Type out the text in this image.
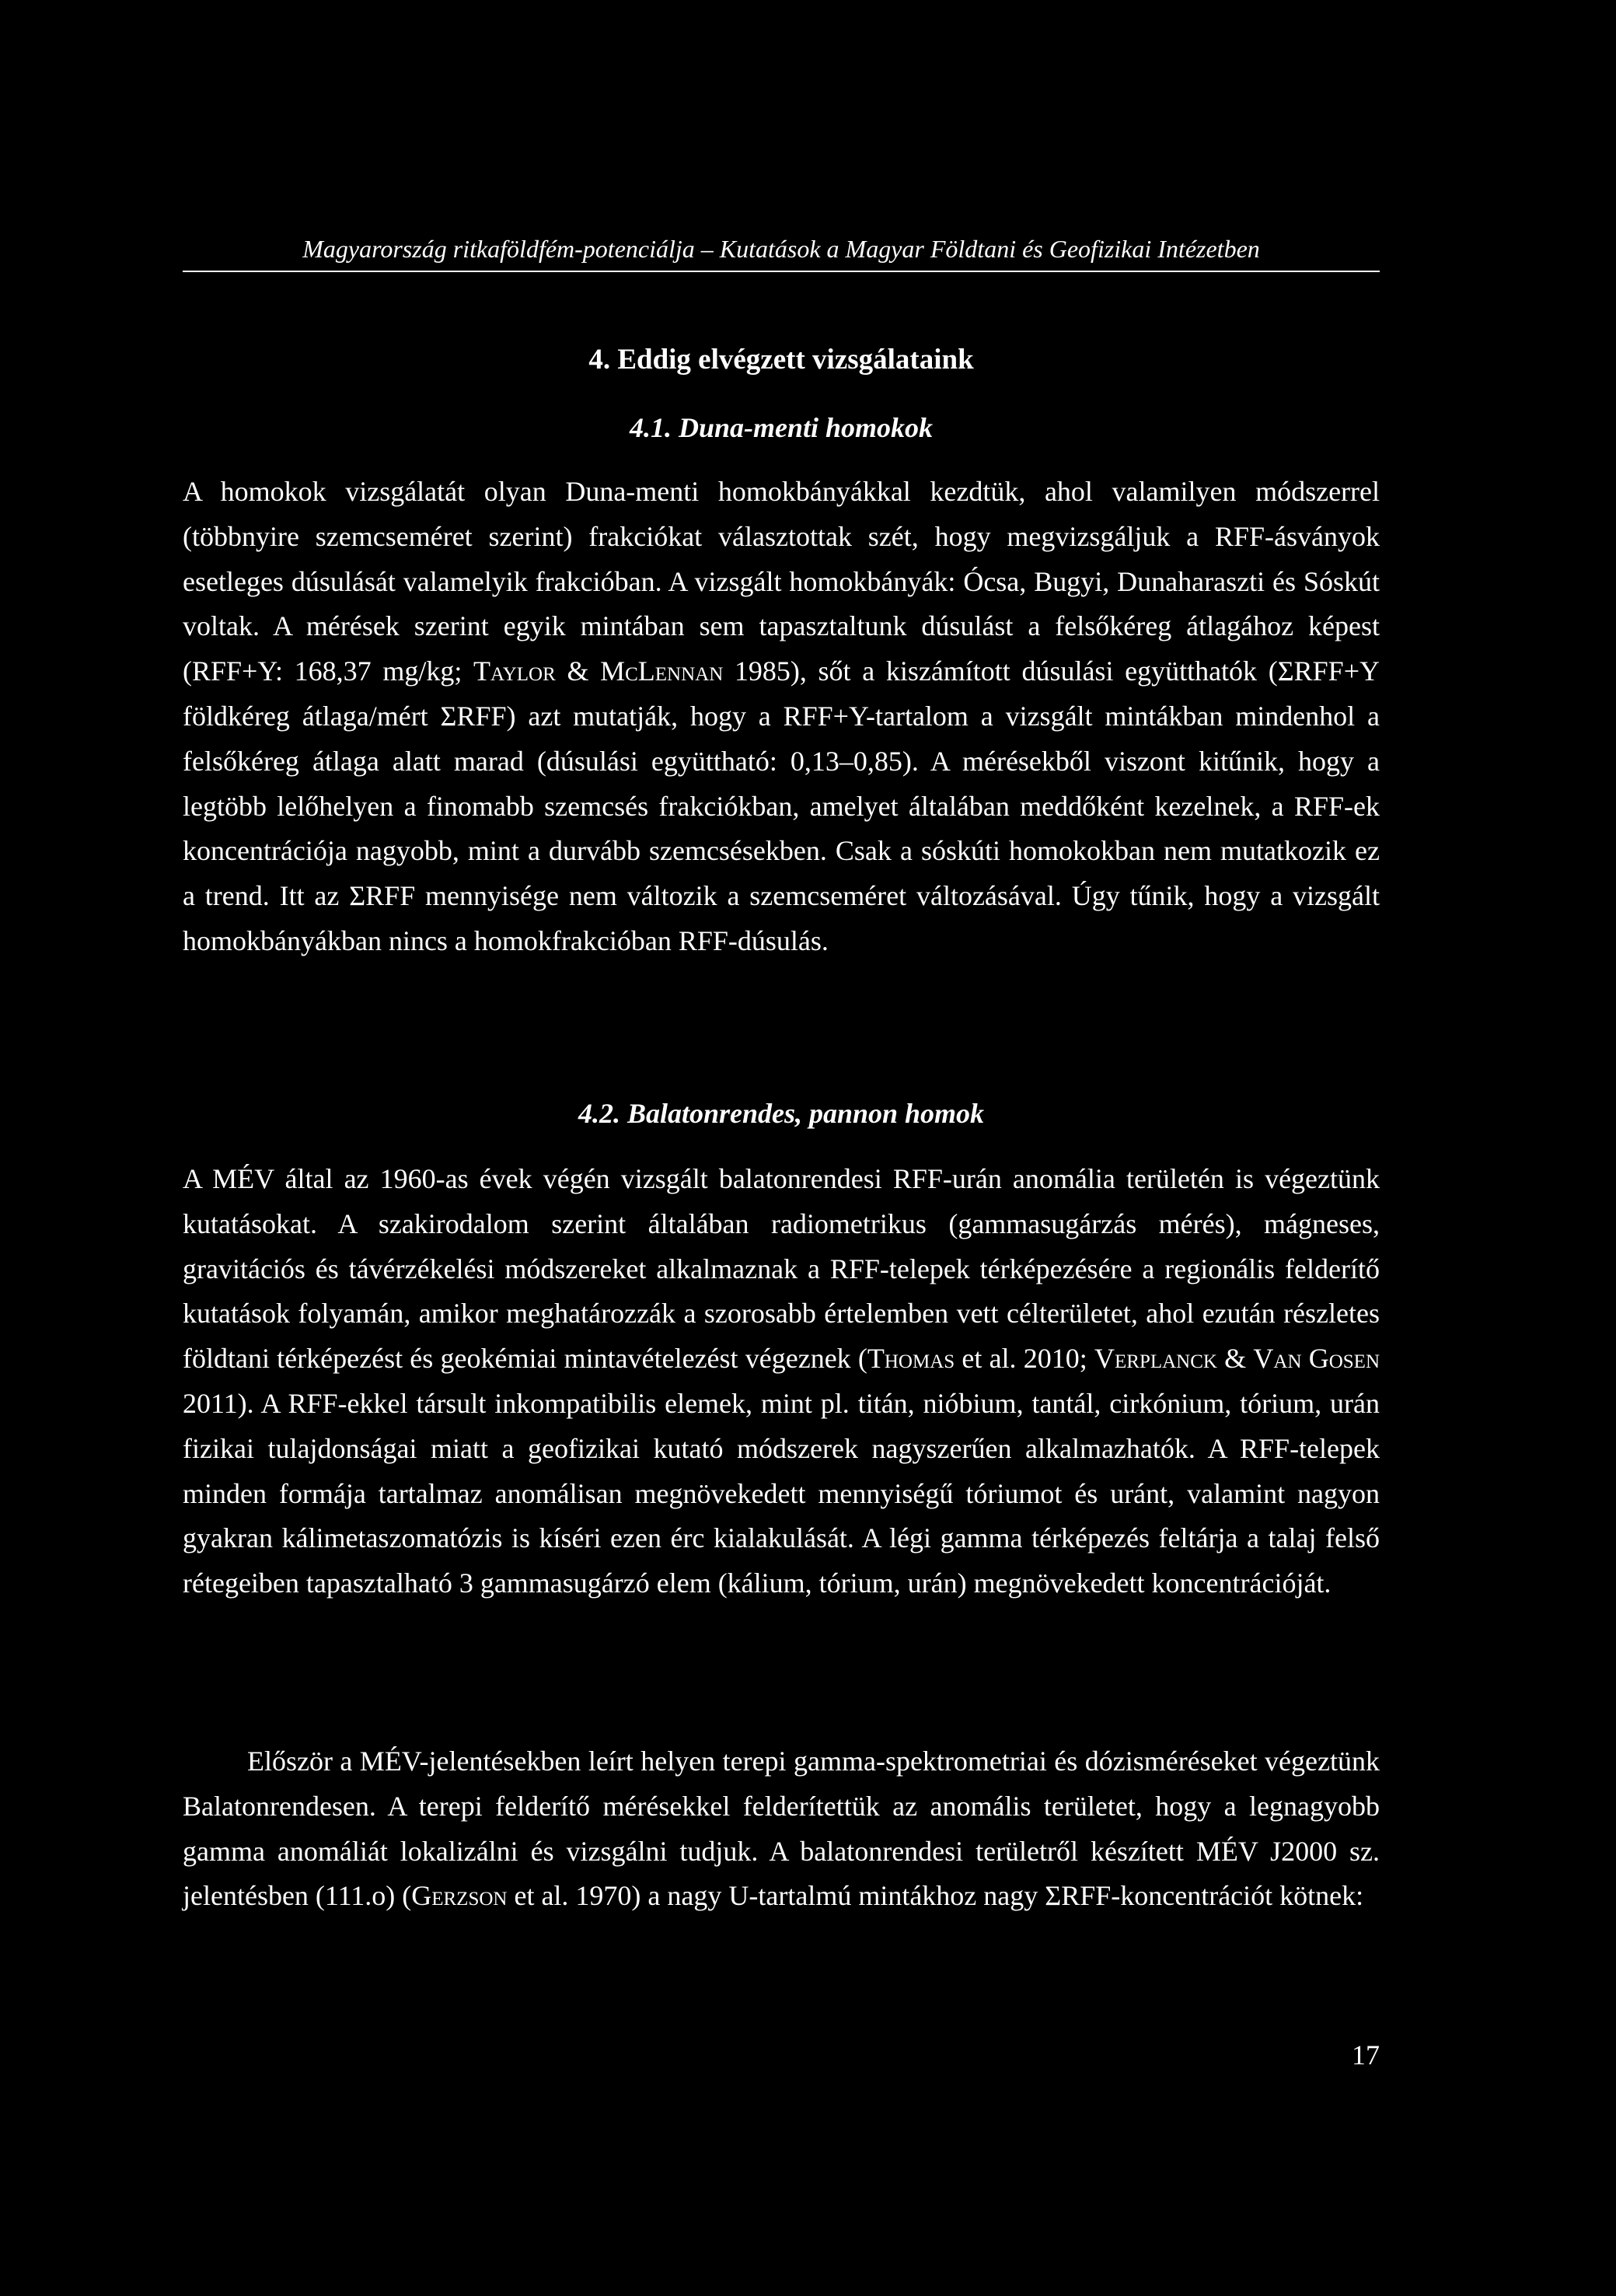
Magyarország ritkaföldfém-potenciálja – Kutatások a Magyar Földtani és Geofizikai Intézetben
4. Eddig elvégzett vizsgálataink
4.1. Duna-menti homokok

A homokok vizsgálatát olyan Duna-menti homokbányákkal kezdtük, ahol valamilyen módszerrel (többnyire szemcseméret szerint) frakciókat választottak szét, hogy megvizsgáljuk a RFF-ásványok esetleges dúsulását valamelyik frakcióban. A vizsgált homokbányák: Ócsa, Bugyi, Dunaharaszti és Sóskút voltak. A mérések szerint egyik mintában sem tapasztaltunk dúsulást a felsőkéreg átlagához képest (RFF+Y: 168,37 mg/kg; Taylor & McLennan 1985), sőt a kiszámított dúsulási együtthatók (ΣRFF+Y földkéreg átlaga/mért ΣRFF) azt mutatják, hogy a RFF+Y-tartalom a vizsgált mintákban mindenhol a felsőkéreg átlaga alatt marad (dúsulási együttható: 0,13–0,85). A mérésekből viszont kitűnik, hogy a legtöbb lelőhelyen a finomabb szemcsés frakciókban, amelyet általában meddőként kezelnek, a RFF-ek koncentrációja nagyobb, mint a durvább szemcsésekben. Csak a sóskúti homokokban nem mutatkozik ez a trend. Itt az ΣRFF mennyisége nem változik a szemcseméret változásával. Úgy tűnik, hogy a vizsgált homokbányákban nincs a homokfrakcióban RFF-dúsulás.

4.2. Balatonrendes, pannon homok

A MÉV által az 1960-as évek végén vizsgált balatonrendesi RFF-urán anomália területén is végeztünk kutatásokat. A szakirodalom szerint általában radiometrikus (gammasugárzás mérés), mágneses, gravitációs és távérzékelési módszereket alkalmaznak a RFF-telepek térképezésére a regionális felderítő kutatások folyamán, amikor meghatározzák a szorosabb értelemben vett célterületet, ahol ezután részletes földtani térképezést és geokémiai mintavételezést végeznek (Thomas et al. 2010; Verplanck & Van Gosen 2011). A RFF-ekkel társult inkompatibilis elemek, mint pl. titán, nióbium, tantál, cirkónium, tórium, urán fizikai tulajdonságai miatt a geofizikai kutató módszerek nagyszerűen alkalmazhatók. A RFF-telepek minden formája tartalmaz anomálisan megnövekedett mennyiségű tóriumot és uránt, valamint nagyon gyakran kálimetaszomatózis is kíséri ezen érc kialakulását. A légi gamma térképezés feltárja a talaj felső rétegeiben tapasztalható 3 gammasugárzó elem (kálium, tórium, urán) megnövekedett koncentrációját.

Először a MÉV-jelentésekben leírt helyen terepi gamma-spektrometriai és dózisméréseket végeztünk Balatonrendesen. A terepi felderítő mérésekkel felderítettük az anomális területet, hogy a legnagyobb gamma anomáliát lokalizálni és vizsgálni tudjuk. A balatonrendesi területről készített MÉV J2000 sz. jelentésben (111.o) (Gerzson et al. 1970) a nagy U-tartalmú mintákhoz nagy ΣRFF-koncentrációt kötnek:

17
